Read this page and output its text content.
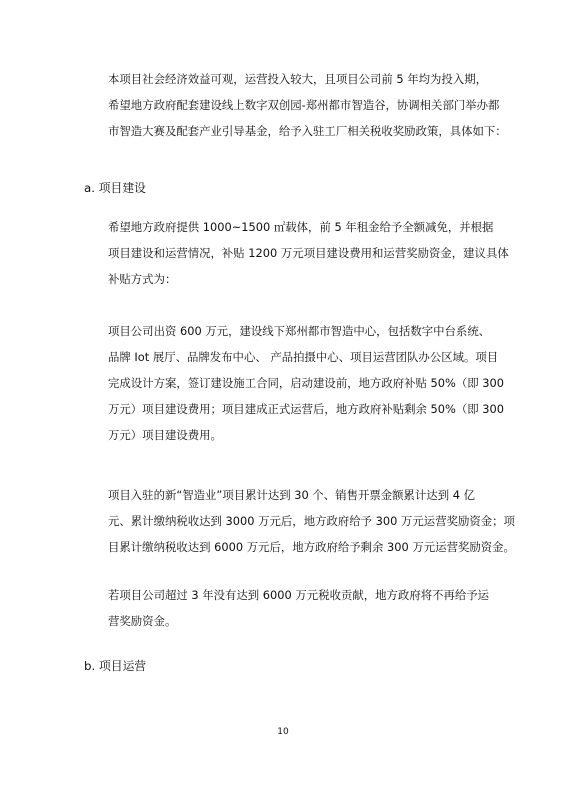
本项目社会经济效益可观，运营投入较大，且项目公司前 5 年均为投入期，
希望地方政府配套建设线上数字双创园-郑州都市智造谷，协调相关部门举办都
市智造大赛及配套产业引导基金，给予入驻工厂相关税收奖励政策，具体如下：
a. 项目建设
希望地方政府提供 1000~1500 ㎡载体，前 5 年租金给予全额减免，并根据
项目建设和运营情况，补贴 1200 万元项目建设费用和运营奖励资金，建议具体
补贴方式为：
项目公司出资 600 万元，建设线下郑州都市智造中心，包括数字中台系统、
品牌 Iot 展厅、品牌发布中心、 产品拍摄中心、项目运营团队办公区域。项目
完成设计方案，签订建设施工合同，启动建设前，地方政府补贴 50%（即 300
万元）项目建设费用；项目建成正式运营后，地方政府补贴剩余 50%（即 300
万元）项目建设费用。
项目入驻的新“智造业”项目累计达到 30 个、销售开票金额累计达到 4 亿
元、累计缴纳税收达到 3000 万元后，地方政府给予 300 万元运营奖励资金；项
目累计缴纳税收达到 6000 万元后，地方政府给予剩余 300 万元运营奖励资金。
若项目公司超过 3 年没有达到 6000 万元税收贡献，地方政府将不再给予运
营奖励资金。
b. 项目运营
10
